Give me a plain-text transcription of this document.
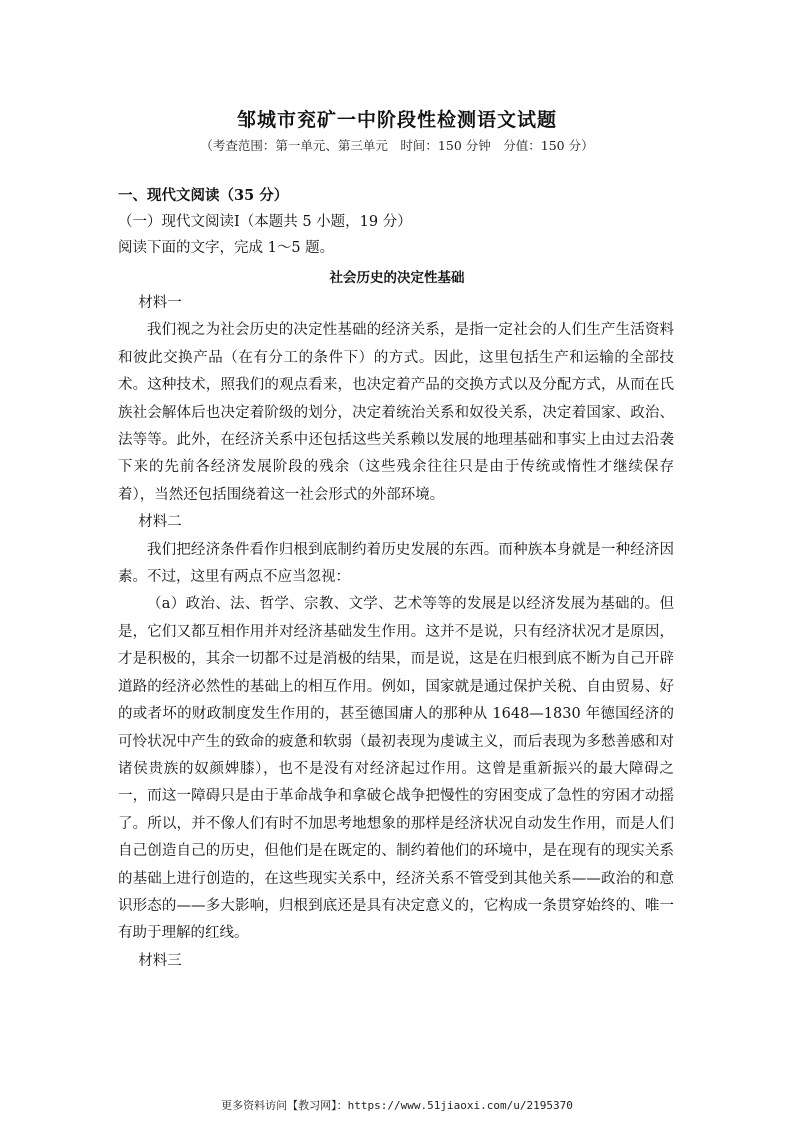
邹城市兖矿一中阶段性检测语文试题
（考查范围：第一单元、第三单元　时间：150 分钟　分值：150 分）
一、现代文阅读（35 分）
（一）现代文阅读Ⅰ（本题共 5 小题，19 分）
阅读下面的文字，完成 1～5 题。
社会历史的决定性基础

材料一

我们视之为社会历史的决定性基础的经济关系，是指一定社会的人们生产生活资料和彼此交换产品（在有分工的条件下）的方式。因此，这里包括生产和运输的全部技术。这种技术，照我们的观点看来，也决定着产品的交换方式以及分配方式，从而在氏族社会解体后也决定着阶级的划分，决定着统治关系和奴役关系，决定着国家、政治、法等等。此外，在经济关系中还包括这些关系赖以发展的地理基础和事实上由过去沿袭下来的先前各经济发展阶段的残余（这些残余往往只是由于传统或惰性才继续保存着），当然还包括围绕着这一社会形式的外部环境。

材料二

我们把经济条件看作归根到底制约着历史发展的东西。而种族本身就是一种经济因素。不过，这里有两点不应当忽视：

（a）政治、法、哲学、宗教、文学、艺术等等的发展是以经济发展为基础的。但是，它们又都互相作用并对经济基础发生作用。这并不是说，只有经济状况才是原因，才是积极的，其余一切都不过是消极的结果，而是说，这是在归根到底不断为自己开辟道路的经济必然性的基础上的相互作用。例如，国家就是通过保护关税、自由贸易、好的或者坏的财政制度发生作用的，甚至德国庸人的那种从 1648—1830 年德国经济的可怜状况中产生的致命的疲惫和软弱（最初表现为虔诚主义，而后表现为多愁善感和对诸侯贵族的奴颜婢膝），也不是没有对经济起过作用。这曾是重新振兴的最大障碍之一，而这一障碍只是由于革命战争和拿破仑战争把慢性的穷困变成了急性的穷困才动摇了。所以，并不像人们有时不加思考地想象的那样是经济状况自动发生作用，而是人们自己创造自己的历史，但他们是在既定的、制约着他们的环境中，是在现有的现实关系的基础上进行创造的，在这些现实关系中，经济关系不管受到其他关系——政治的和意识形态的——多大影响，归根到底还是具有决定意义的，它构成一条贯穿始终的、唯一有助于理解的红线。

材料三

更多资料访问【教习网】：https://www.51jiaoxi.com/u/2195370
